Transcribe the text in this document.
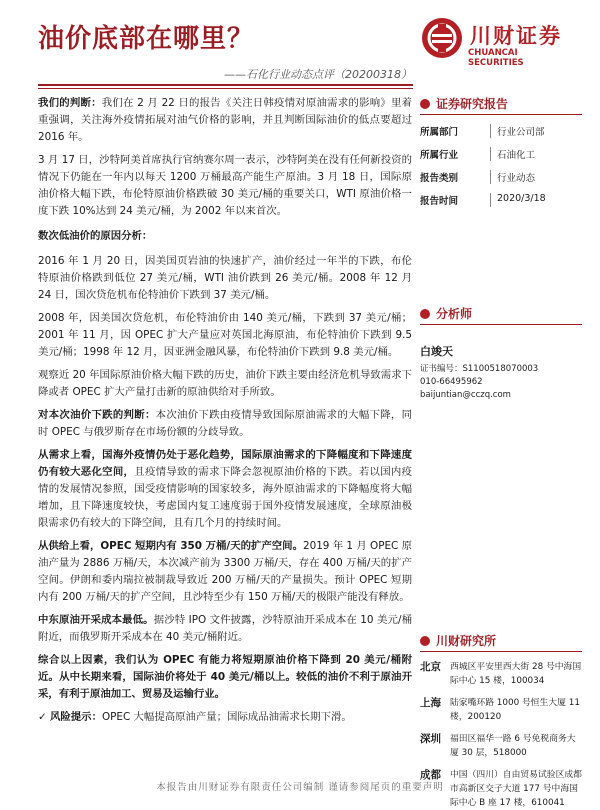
油价底部在哪里？
——石化行业动态点评（20200318）
川财证券
CHUANCAI SECURITIES

我们的判断：我们在 2 月 22 日的报告《关注日韩疫情对原油需求的影响》里着重强调，关注海外疫情拓展对油气价格的影响，并且判断国际油价的低点要超过 2016 年。

3 月 17 日，沙特阿美首席执行官纳赛尔周一表示，沙特阿美在没有任何新投资的情况下仍能在一年内以每天 1200 万桶最高产能生产原油。3 月 18 日，国际原油价格大幅下跌，布伦特原油价格跌破 30 美元/桶的重要关口，WTI 原油价格一度下跌 10%达到 24 美元/桶，为 2002 年以来首次。

数次低油价的原因分析：

2016 年 1 月 20 日，因美国页岩油的快速扩产，油价经过一年半的下跌，布伦特原油价格跌到低位 27 美元/桶，WTI 油价跌到 26 美元/桶。2008 年 12 月 24 日，国次贷危机布伦特油价下跌到 37 美元/桶。

2008 年，因美国次贷危机，布伦特油价由 140 美元/桶，下跌到 37 美元/桶；2001 年 11 月，因 OPEC 扩大产量应对英国北海原油，布伦特油价下跌到 9.5 美元/桶；1998 年 12 月，因亚洲金融风暴，布伦特油价下跌到 9.8 美元/桶。

观察近 20 年国际原油价格大幅下跌的历史，油价下跌主要由经济危机导致需求下降或者 OPEC 扩大产量打击新的原油供给对手所致。

对本次油价下跌的判断：本次油价下跌由疫情导致国际原油需求的大幅下降，同时 OPEC 与俄罗斯存在市场份额的分歧导致。

从需求上看，国海外疫情仍处于恶化趋势，国际原油需求的下降幅度和下降速度仍有较大恶化空间，且疫情导致的需求下降会忽视原油价格的下跌。若以国内疫情的发展情况参照，国受疫情影响的国家较多，海外原油需求的下降幅度将大幅增加，且下降速度较快，考虑国内复工速度弱于国外疫情发展速度，全球原油极限需求仍有较大的下降空间，且有几个月的持续时间。

从供给上看，OPEC 短期内有 350 万桶/天的扩产空间。2019 年 1 月 OPEC 原油产量为 2886 万桶/天，本次减产前为 3300 万桶/天，存在 400 万桶/天的扩产空间。伊朗和委内瑞拉被制裁导致近 200 万桶/天的产量损失。预计 OPEC 短期内有 200 万桶/天的扩产空间，且沙特至少有 150 万桶/天的极限产能没有释放。

中东原油开采成本最低。据沙特 IPO 文件披露，沙特原油开采成本在 10 美元/桶附近，而俄罗斯开采成本在 40 美元/桶附近。

综合以上因素，我们认为 OPEC 有能力将短期原油价格下降到 20 美元/桶附近。从中长期来看，国际油价将处于 40 美元/桶以上。较低的油价不利于原油开采，有利于原油加工、贸易及运输行业。

✓ 风险提示：OPEC 大幅提高原油产量；国际成品油需求长期下滑。

证券研究报告
所属部门	行业公司部
所属行业	石油化工
报告类别	行业动态
报告时间	2020/3/18
分析师
白竣天
证书编号：S1100518070003
010-66495962
baijuntian@cczq.com
川财研究所
北京	西城区平安里西大街 28 号中海国际中心 15 楼，100034
上海	陆家嘴环路 1000 号恒生大厦 11 楼，200120
深圳	福田区福华一路 6 号免税商务大厦 30 层，518000
成都	中国（四川）自由贸易试验区成都市高新区交子大道 177 号中海国际中心 B 座 17 楼，610041
本报告由川财证券有限责任公司编制 谨请参阅尾页的重要声明
